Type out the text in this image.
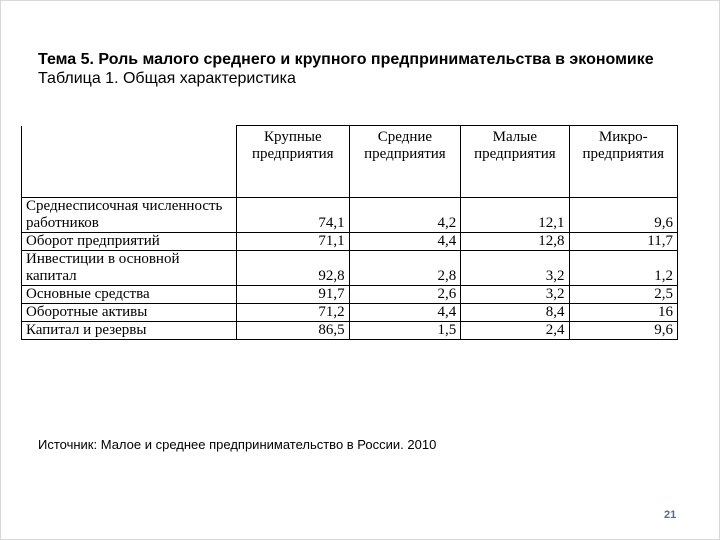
Тема 5. Роль малого среднего и крупного предпринимательства в экономике
Таблица 1. Общая характеристика
	Крупные предприятия	Средние предприятия	Малые предприятия	Микро-предприятия
Среднесписочная численность работников	74,1	4,2	12,1	9,6
Оборот предприятий	71,1	4,4	12,8	11,7
Инвестиции в основной капитал	92,8	2,8	3,2	1,2
Основные средства	91,7	2,6	3,2	2,5
Оборотные активы	71,2	4,4	8,4	16
Капитал и резервы	86,5	1,5	2,4	9,6
Источник: Малое и среднее предпринимательство в России. 2010
21
